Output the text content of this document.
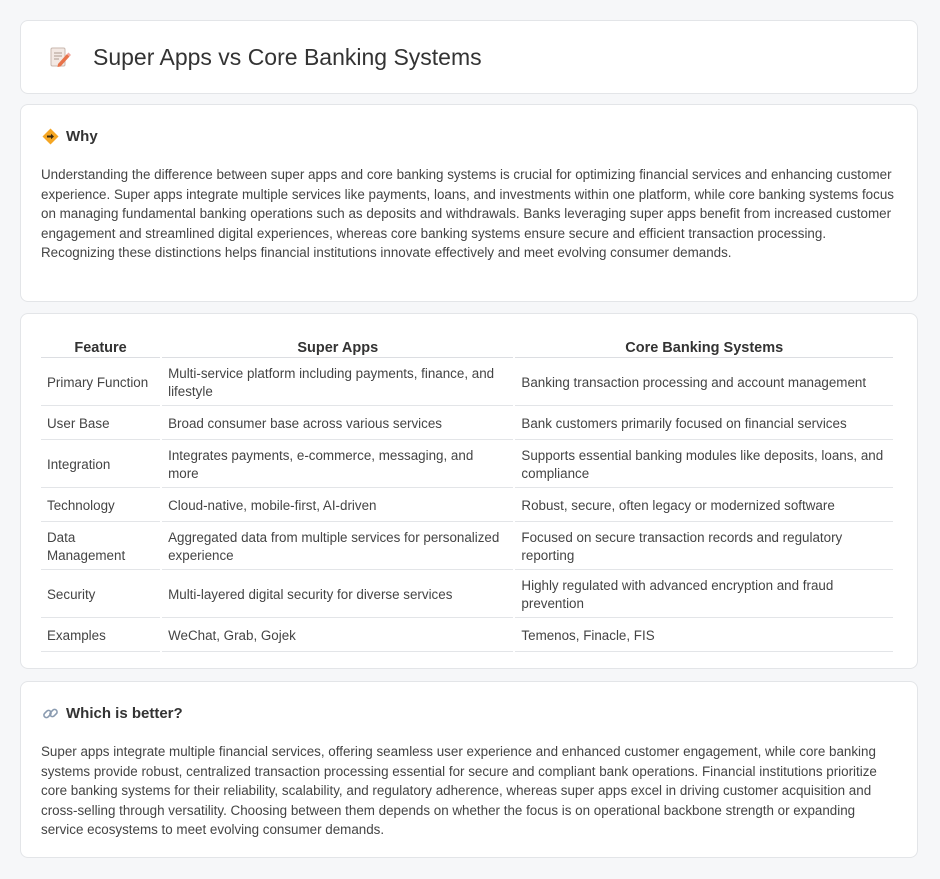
Super Apps vs Core Banking Systems
Why
Understanding the difference between super apps and core banking systems is crucial for optimizing financial services and enhancing customer experience. Super apps integrate multiple services like payments, loans, and investments within one platform, while core banking systems focus on managing fundamental banking operations such as deposits and withdrawals. Banks leveraging super apps benefit from increased customer engagement and streamlined digital experiences, whereas core banking systems ensure secure and efficient transaction processing. Recognizing these distinctions helps financial institutions innovate effectively and meet evolving consumer demands.
Feature	Super Apps	Core Banking Systems
Primary Function	Multi-service platform including payments, finance, and lifestyle	Banking transaction processing and account management
User Base	Broad consumer base across various services	Bank customers primarily focused on financial services
Integration	Integrates payments, e-commerce, messaging, and more	Supports essential banking modules like deposits, loans, and compliance
Technology	Cloud-native, mobile-first, AI-driven	Robust, secure, often legacy or modernized software
Data Management	Aggregated data from multiple services for personalized experience	Focused on secure transaction records and regulatory reporting
Security	Multi-layered digital security for diverse services	Highly regulated with advanced encryption and fraud prevention
Examples	WeChat, Grab, Gojek	Temenos, Finacle, FIS
Which is better?
Super apps integrate multiple financial services, offering seamless user experience and enhanced customer engagement, while core banking systems provide robust, centralized transaction processing essential for secure and compliant bank operations. Financial institutions prioritize core banking systems for their reliability, scalability, and regulatory adherence, whereas super apps excel in driving customer acquisition and cross-selling through versatility. Choosing between them depends on whether the focus is on operational backbone strength or expanding service ecosystems to meet evolving consumer demands.
